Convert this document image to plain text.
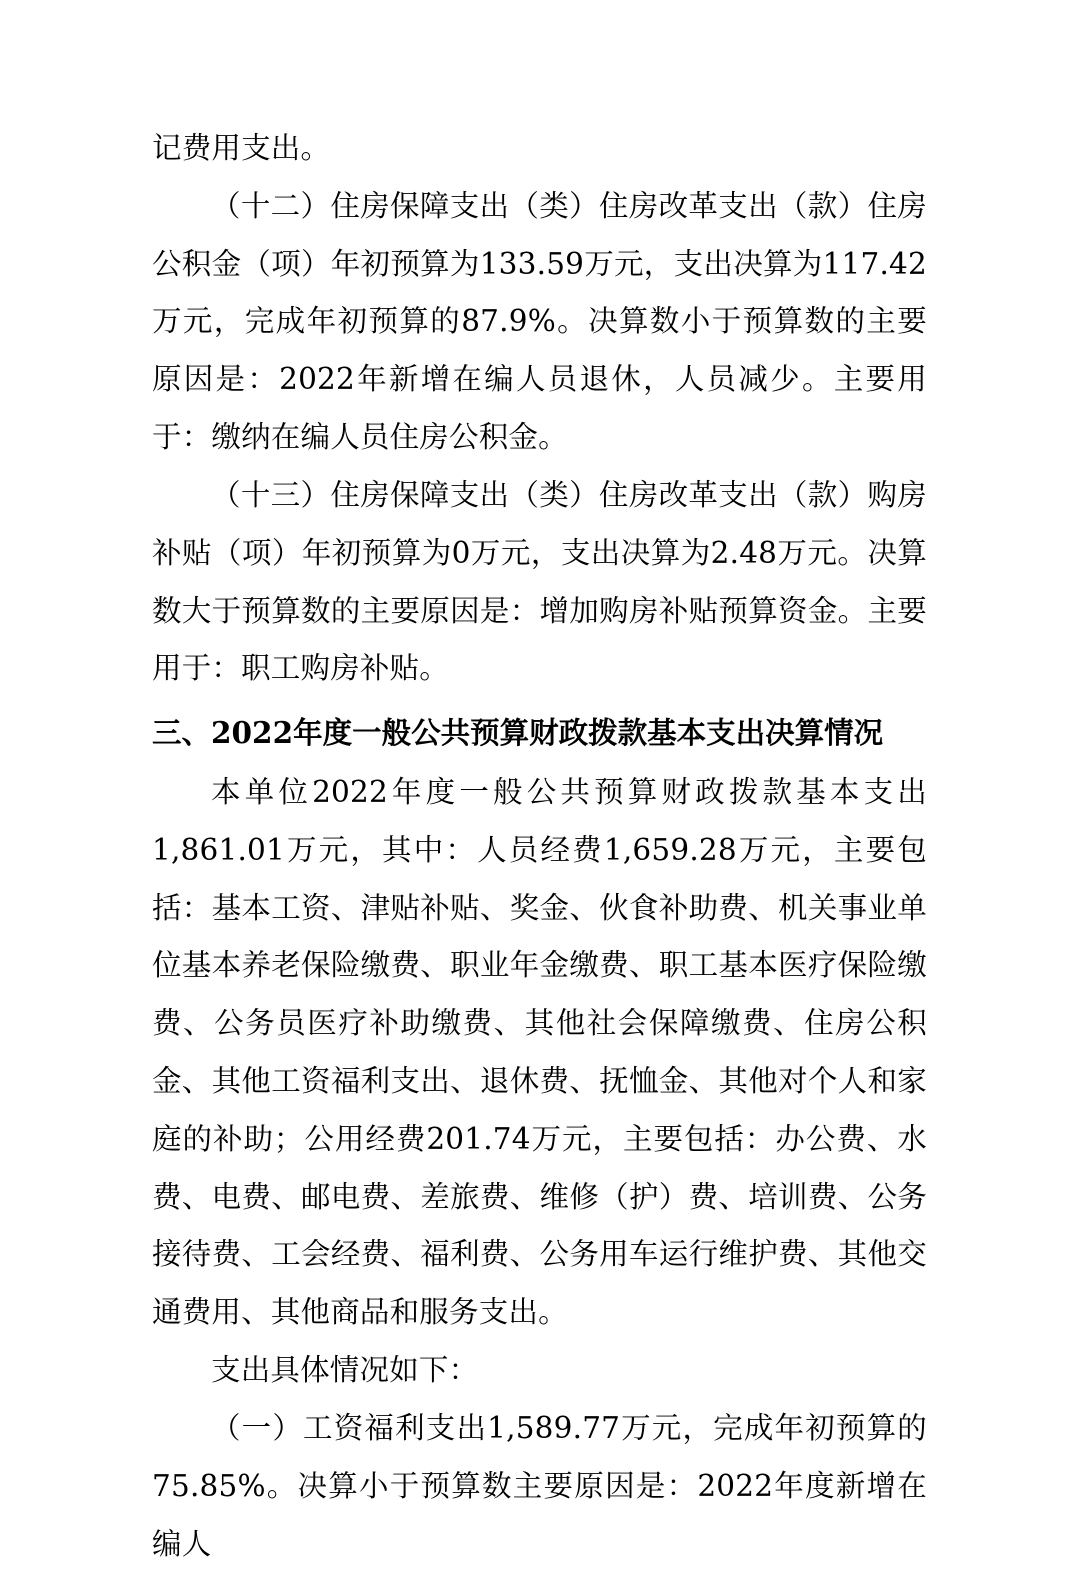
记费用支出。

（十二）住房保障支出（类）住房改革支出（款）住房公积金（项）年初预算为133.59万元，支出决算为117.42万元，完成年初预算的87.9%。决算数小于预算数的主要原因是：2022年新增在编人员退休，人员减少。主要用于：缴纳在编人员住房公积金。

（十三）住房保障支出（类）住房改革支出（款）购房补贴（项）年初预算为0万元，支出决算为2.48万元。决算数大于预算数的主要原因是：增加购房补贴预算资金。主要用于：职工购房补贴。

三、2022年度一般公共预算财政拨款基本支出决算情况

本单位2022年度一般公共预算财政拨款基本支出1,861.01万元，其中：人员经费1,659.28万元，主要包括：基本工资、津贴补贴、奖金、伙食补助费、机关事业单位基本养老保险缴费、职业年金缴费、职工基本医疗保险缴费、公务员医疗补助缴费、其他社会保障缴费、住房公积金、其他工资福利支出、退休费、抚恤金、其他对个人和家庭的补助；公用经费201.74万元，主要包括：办公费、水费、电费、邮电费、差旅费、维修（护）费、培训费、公务接待费、工会经费、福利费、公务用车运行维护费、其他交通费用、其他商品和服务支出。

支出具体情况如下：

（一）工资福利支出1,589.77万元，完成年初预算的75.85%。决算小于预算数主要原因是：2022年度新增在编人
